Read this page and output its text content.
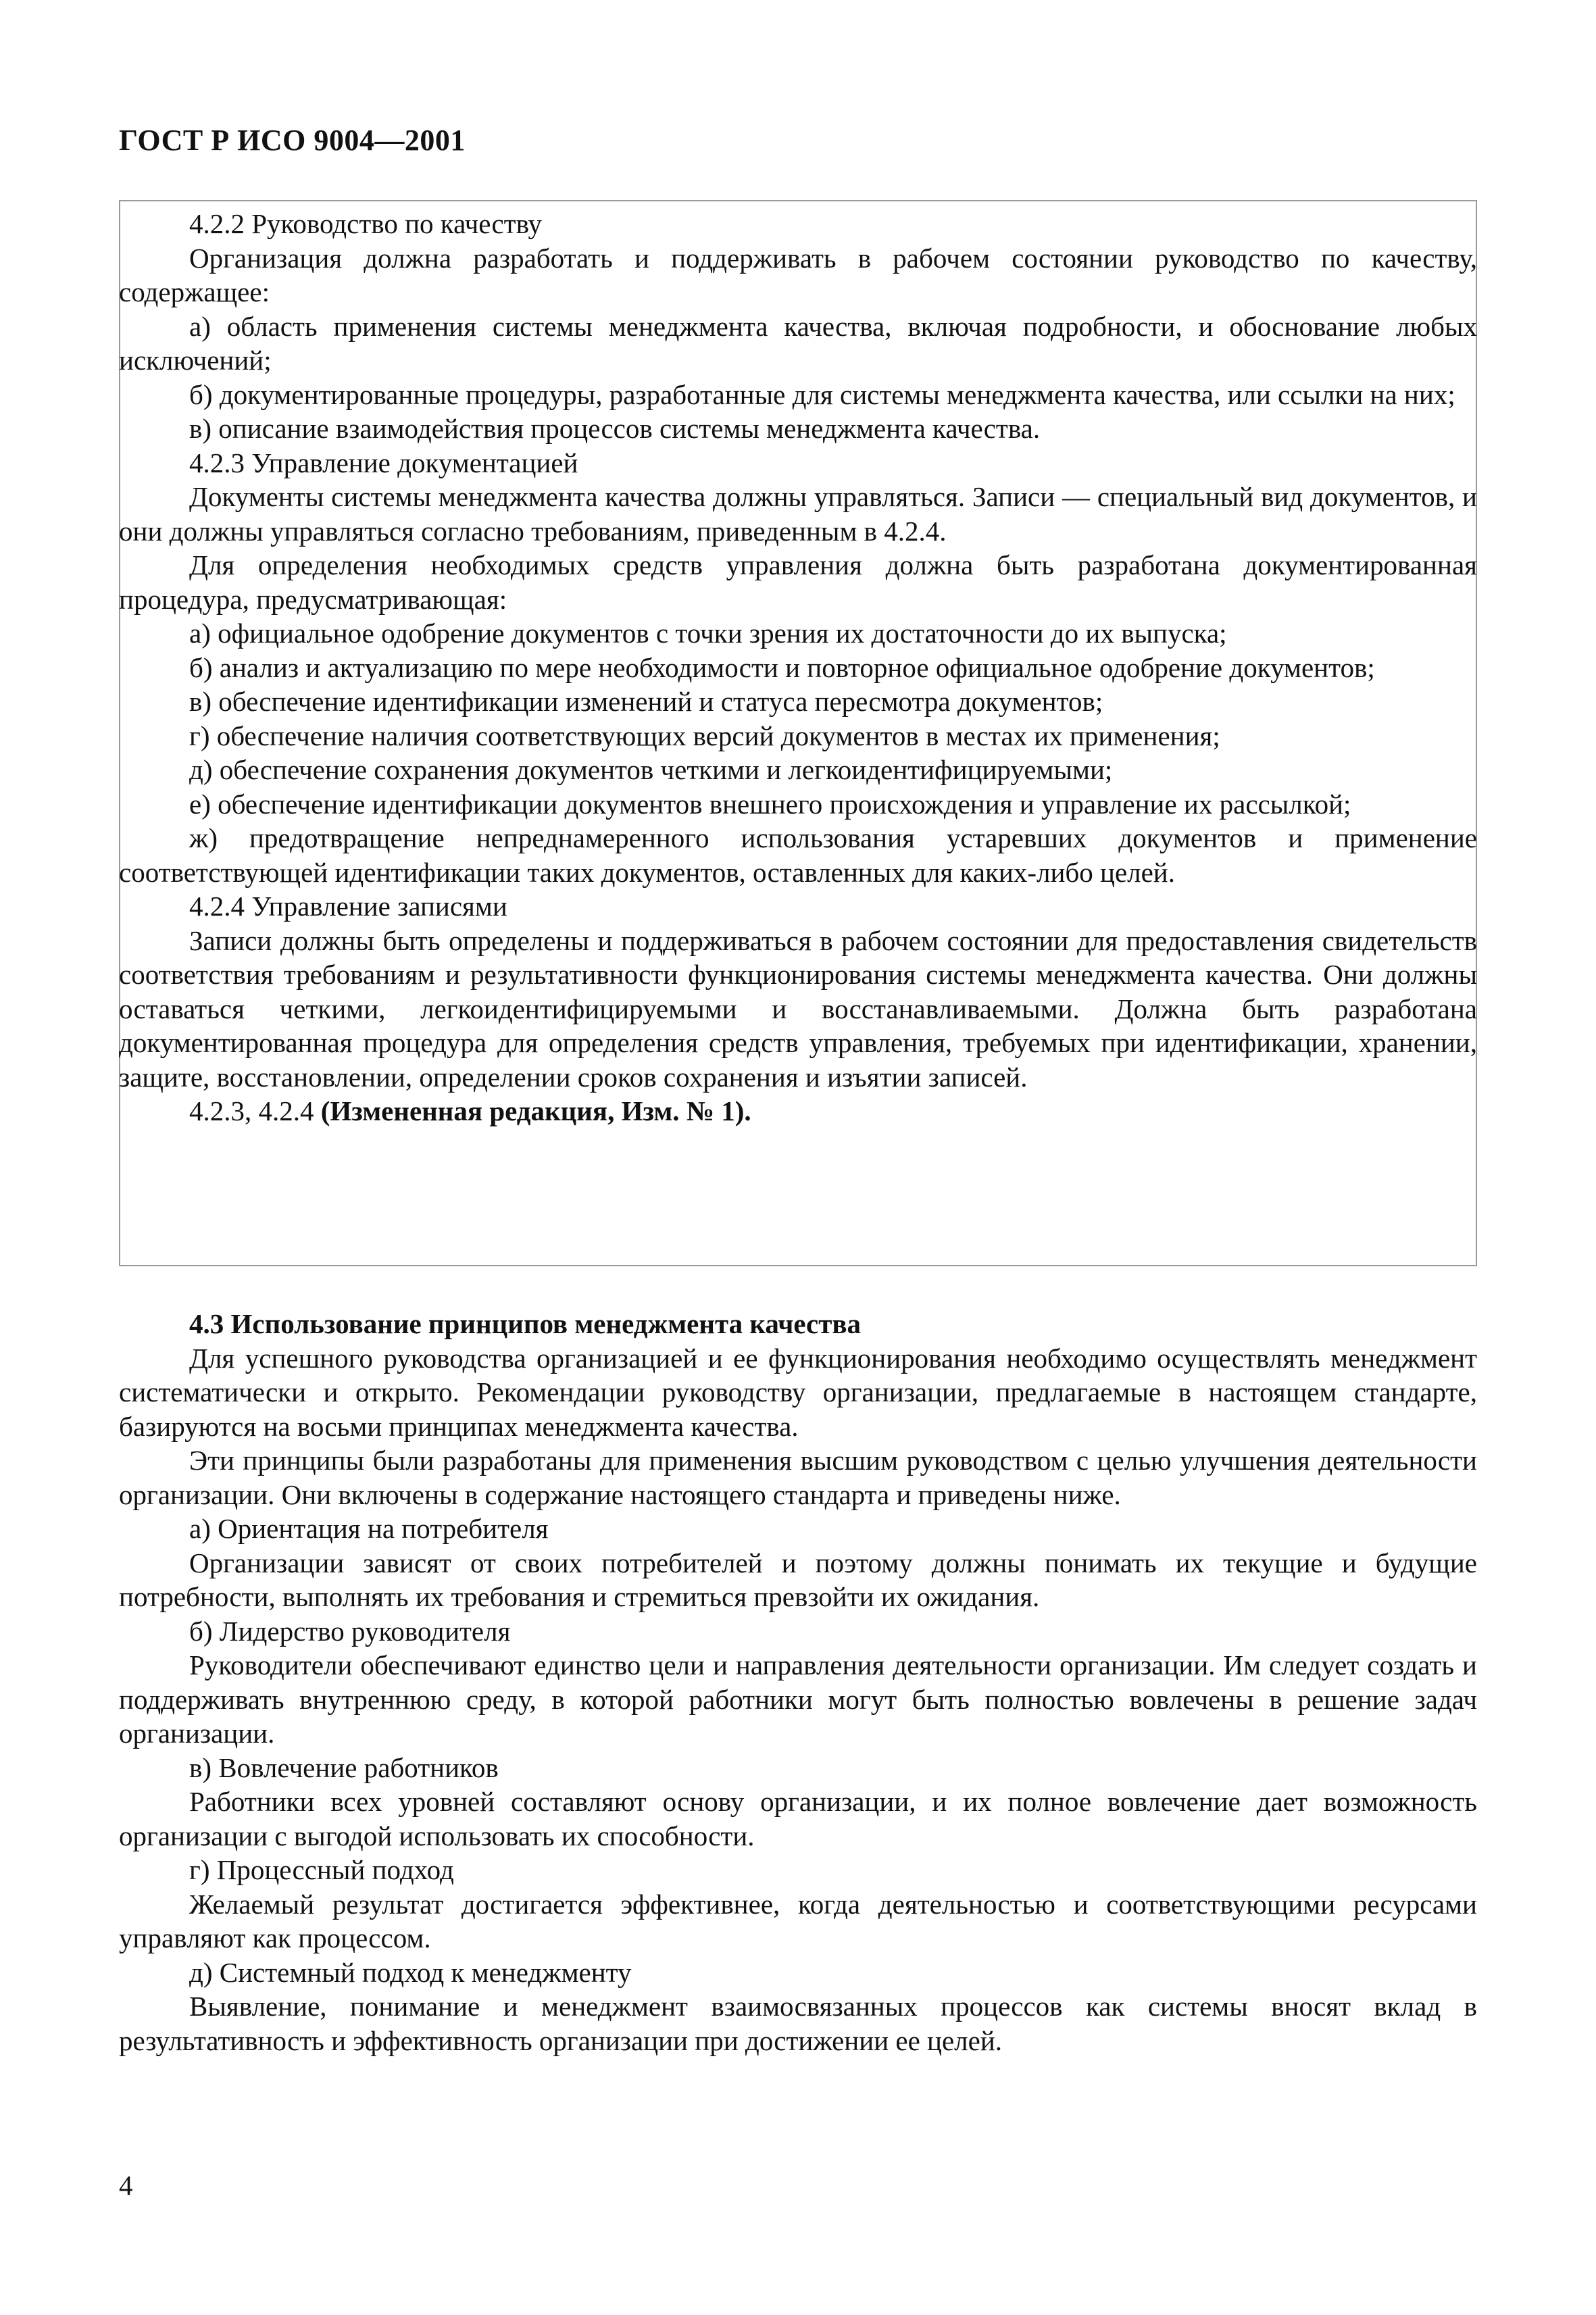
ГОСТ Р ИСО 9004—2001

4.2.2 Руководство по качеству

Организация должна разработать и поддерживать в рабочем состоянии руководство по качеству, содержащее:

а) область применения системы менеджмента качества, включая подробности, и обоснование любых исключений;

б) документированные процедуры, разработанные для системы менеджмента качества, или ссылки на них;

в) описание взаимодействия процессов системы менеджмента качества.

4.2.3 Управление документацией

Документы системы менеджмента качества должны управляться. Записи — специальный вид документов, и они должны управляться согласно требованиям, приведенным в 4.2.4.

Для определения необходимых средств управления должна быть разработана документированная процедура, предусматривающая:

а) официальное одобрение документов с точки зрения их достаточности до их выпуска;

б) анализ и актуализацию по мере необходимости и повторное официальное одобрение документов;

в) обеспечение идентификации изменений и статуса пересмотра документов;

г) обеспечение наличия соответствующих версий документов в местах их применения;

д) обеспечение сохранения документов четкими и легкоидентифицируемыми;

е) обеспечение идентификации документов внешнего происхождения и управление их рассылкой;

ж) предотвращение непреднамеренного использования устаревших документов и применение соответствующей идентификации таких документов, оставленных для каких-либо целей.

4.2.4 Управление записями

Записи должны быть определены и поддерживаться в рабочем состоянии для предоставления свидетельств соответствия требованиям и результативности функционирования системы менеджмента качества. Они должны оставаться четкими, легкоидентифицируемыми и восстанавливаемыми. Должна быть разработана документированная процедура для определения средств управления, требуемых при идентификации, хранении, защите, восстановлении, определении сроков сохранения и изъятии записей.

4.2.3, 4.2.4 (Измененная редакция, Изм. № 1).

4.3 Использование принципов менеджмента качества

Для успешного руководства организацией и ее функционирования необходимо осуществлять менеджмент систематически и открыто. Рекомендации руководству организации, предлагаемые в настоящем стандарте, базируются на восьми принципах менеджмента качества.

Эти принципы были разработаны для применения высшим руководством с целью улучшения деятельности организации. Они включены в содержание настоящего стандарта и приведены ниже.

а) Ориентация на потребителя

Организации зависят от своих потребителей и поэтому должны понимать их текущие и будущие потребности, выполнять их требования и стремиться превзойти их ожидания.

б) Лидерство руководителя

Руководители обеспечивают единство цели и направления деятельности организации. Им следует создать и поддерживать внутреннюю среду, в которой работники могут быть полностью вовлечены в решение задач организации.

в) Вовлечение работников

Работники всех уровней составляют основу организации, и их полное вовлечение дает возможность организации с выгодой использовать их способности.

г) Процессный подход

Желаемый результат достигается эффективнее, когда деятельностью и соответствующими ресурсами управляют как процессом.

д) Системный подход к менеджменту

Выявление, понимание и менеджмент взаимосвязанных процессов как системы вносят вклад в результативность и эффективность организации при достижении ее целей.

4
